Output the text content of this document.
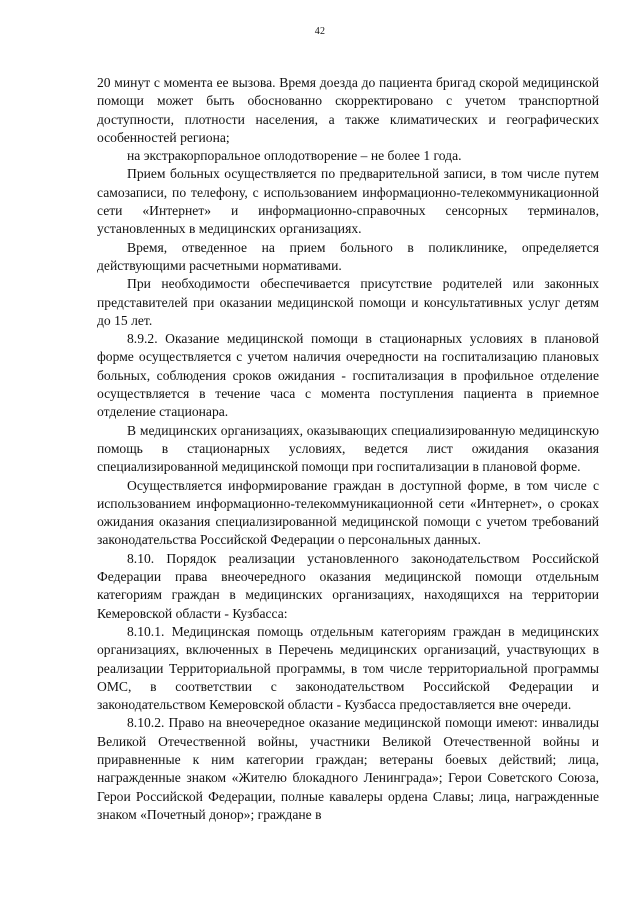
42

20 минут с момента ее вызова. Время доезда до пациента бригад скорой медицинской помощи может быть обоснованно скорректировано с учетом транспортной доступности, плотности населения, а также климатических и географических особенностей региона;

на экстракорпоральное оплодотворение – не более 1 года.

Прием больных осуществляется по предварительной записи, в том числе путем самозаписи, по телефону, с использованием информационно-телекоммуникационной сети «Интернет» и информационно-справочных сенсорных терминалов, установленных в медицинских организациях.

Время, отведенное на прием больного в поликлинике, определяется действующими расчетными нормативами.

При необходимости обеспечивается присутствие родителей или законных представителей при оказании медицинской помощи и консультативных услуг детям до 15 лет.

8.9.2. Оказание медицинской помощи в стационарных условиях в плановой форме осуществляется с учетом наличия очередности на госпитализацию плановых больных, соблюдения сроков ожидания - госпитализация в профильное отделение осуществляется в течение часа с момента поступления пациента в приемное отделение стационара.

В медицинских организациях, оказывающих специализированную медицинскую помощь в стационарных условиях, ведется лист ожидания оказания специализированной медицинской помощи при госпитализации в плановой форме.

Осуществляется информирование граждан в доступной форме, в том числе с использованием информационно-телекоммуникационной сети «Интернет», о сроках ожидания оказания специализированной медицинской помощи с учетом требований законодательства Российской Федерации о персональных данных.

8.10. Порядок реализации установленного законодательством Российской Федерации права внеочередного оказания медицинской помощи отдельным категориям граждан в медицинских организациях, находящихся на территории Кемеровской области - Кузбасса:

8.10.1. Медицинская помощь отдельным категориям граждан в медицинских организациях, включенных в Перечень медицинских организаций, участвующих в реализации Территориальной программы, в том числе территориальной программы ОМС, в соответствии с законодательством Российской Федерации и законодательством Кемеровской области - Кузбасса предоставляется вне очереди.

8.10.2. Право на внеочередное оказание медицинской помощи имеют: инвалиды Великой Отечественной войны, участники Великой Отечественной войны и приравненные к ним категории граждан; ветераны боевых действий; лица, награжденные знаком «Жителю блокадного Ленинграда»; Герои Советского Союза, Герои Российской Федерации, полные кавалеры ордена Славы; лица, награжденные знаком «Почетный донор»; граждане в
